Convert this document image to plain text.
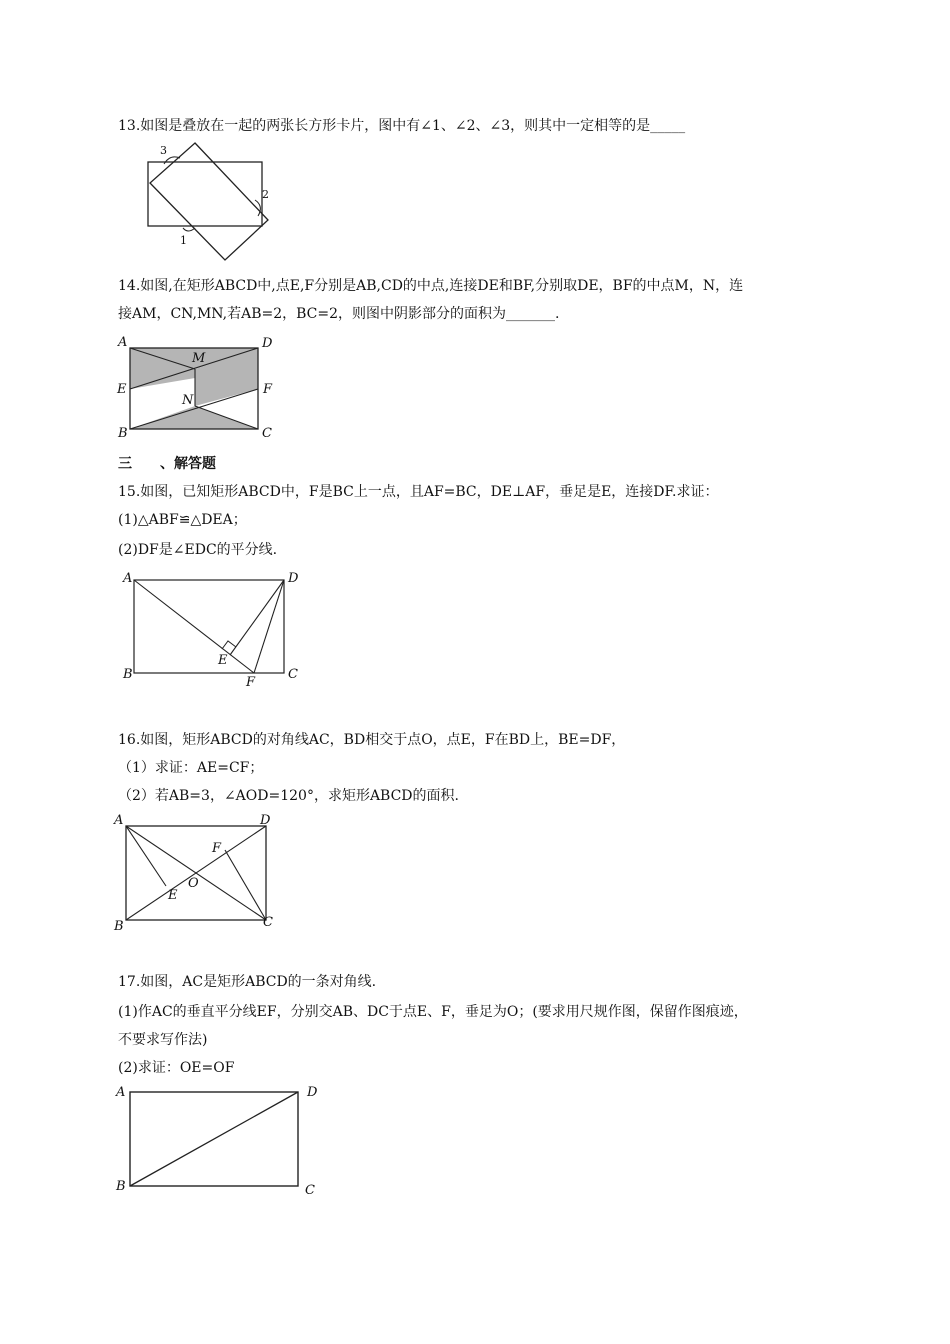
13.如图是叠放在一起的两张长方形卡片，图中有∠1、∠2、∠3，则其中一定相等的是_____
3
2
1
14.如图,在矩形ABCD中,点E,F分别是AB,CD的中点,连接DE和BF,分别取DE，BF的中点M，N，连
接AM，CN,MN,若AB=2，BC=2，则图中阴影部分的面积为_______.
A	D
E	F
M
N
B	C
三　　、解答题
15.如图，已知矩形ABCD中，F是BC上一点，且AF=BC，DE⊥AF，垂足是E，连接DF.求证：
(1)△ABF≌△DEA；
(2)DF是∠EDC的平分线.
A	D
E
B
F
C
16.如图，矩形ABCD的对角线AC，BD相交于点O，点E，F在BD上，BE=DF，
（1）求证：AE=CF；
（2）若AB=3，∠AOD=120°，求矩形ABCD的面积.
A	D
F
O
E
B	C
17.如图，AC是矩形ABCD的一条对角线.
(1)作AC的垂直平分线EF，分别交AB、DC于点E、F，垂足为O；(要求用尺规作图，保留作图痕迹，
不要求写作法)
(2)求证：OE=OF
A	D
B	C
